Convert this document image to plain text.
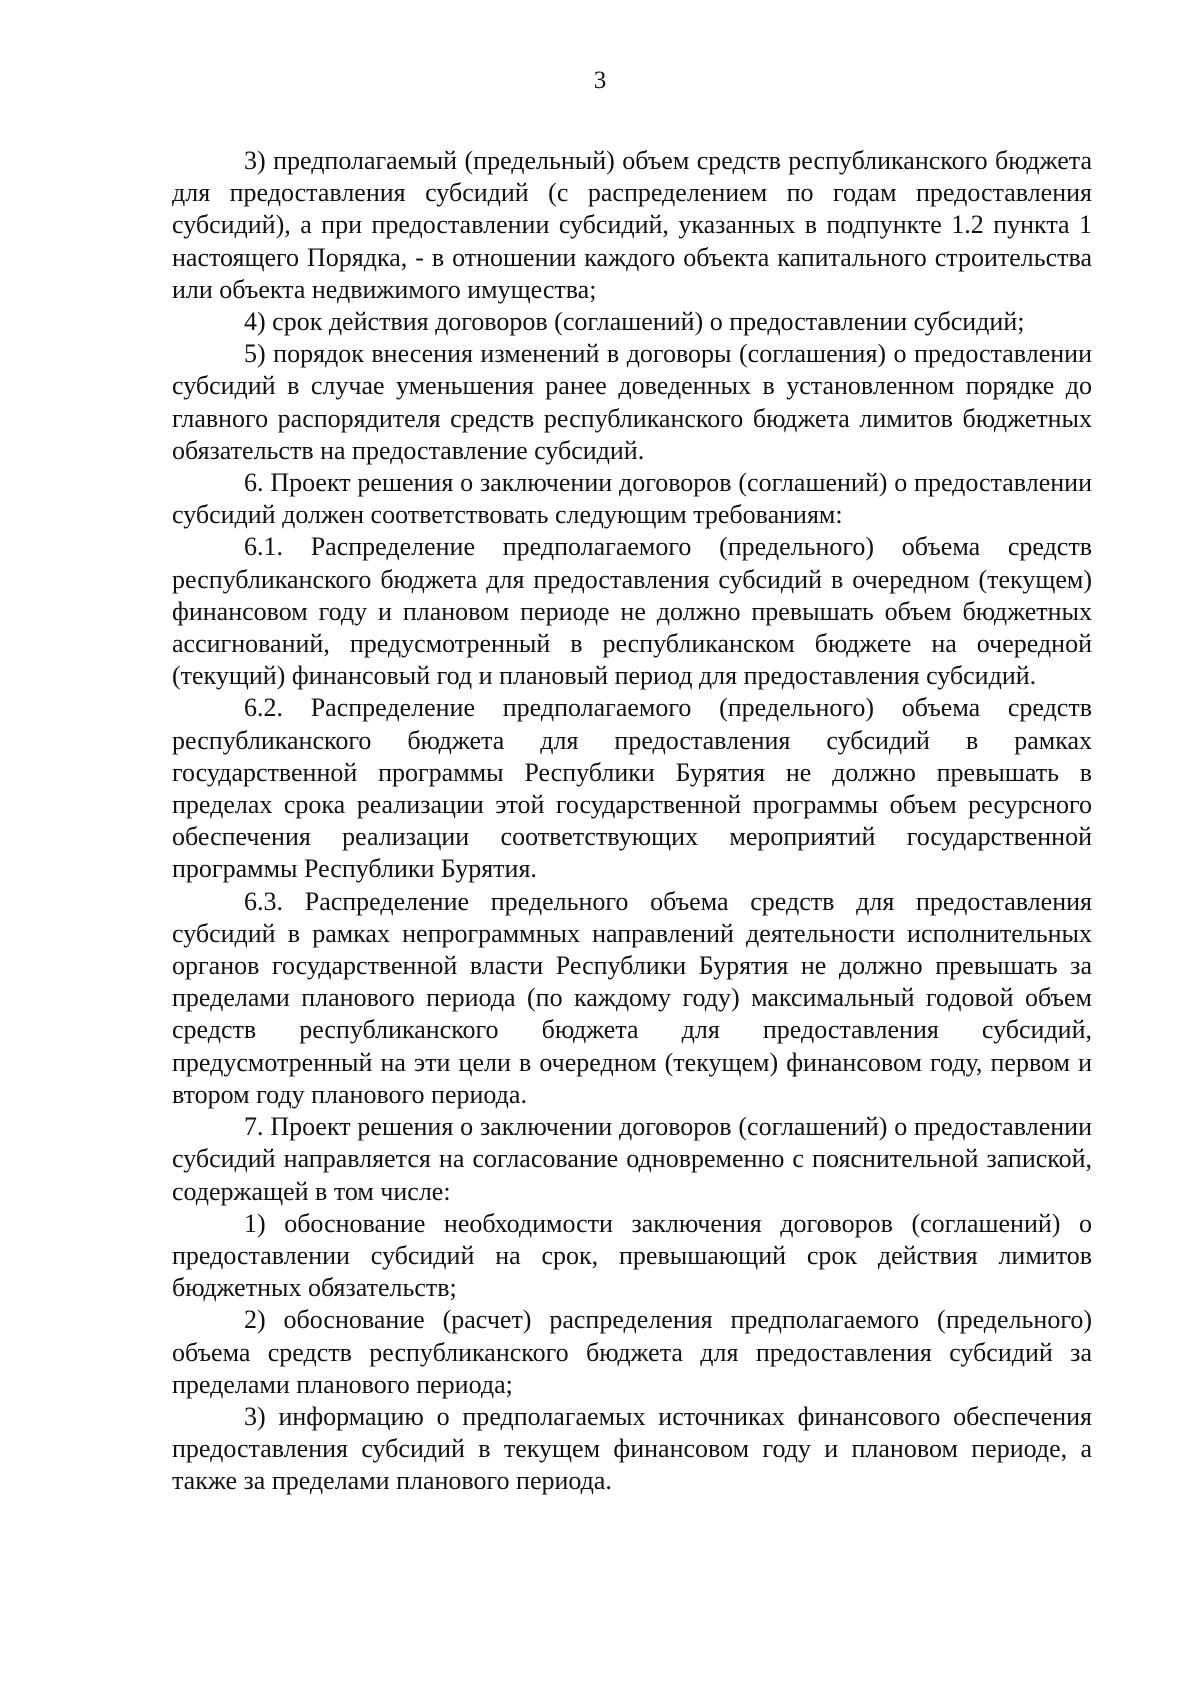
3

3) предполагаемый (предельный) объем средств республиканского бюджета для предоставления субсидий (с распределением по годам предоставления субсидий), а при предоставлении субсидий, указанных в подпункте 1.2 пункта 1 настоящего Порядка, - в отношении каждого объекта капитального строительства или объекта недвижимого имущества;

4) срок действия договоров (соглашений) о предоставлении субсидий;

5) порядок внесения изменений в договоры (соглашения) о предоставлении субсидий в случае уменьшения ранее доведенных в установленном порядке до главного распорядителя средств республиканского бюджета лимитов бюджетных обязательств на предоставление субсидий.

6. Проект решения о заключении договоров (соглашений) о предоставлении субсидий должен соответствовать следующим требованиям:

6.1. Распределение предполагаемого (предельного) объема средств республиканского бюджета для предоставления субсидий в очередном (текущем) финансовом году и плановом периоде не должно превышать объем бюджетных ассигнований, предусмотренный в республиканском бюджете на очередной (текущий) финансовый год и плановый период для предоставления субсидий.

6.2. Распределение предполагаемого (предельного) объема средств республиканского бюджета для предоставления субсидий в рамках государственной программы Республики Бурятия не должно превышать в пределах срока реализации этой государственной программы объем ресурсного обеспечения реализации соответствующих мероприятий государственной программы Республики Бурятия.

6.3. Распределение предельного объема средств для предоставления субсидий в рамках непрограммных направлений деятельности исполнительных органов государственной власти Республики Бурятия не должно превышать за пределами планового периода (по каждому году) максимальный годовой объем средств республиканского бюджета для предоставления субсидий, предусмотренный на эти цели в очередном (текущем) финансовом году, первом и втором году планового периода.

7. Проект решения о заключении договоров (соглашений) о предоставлении субсидий направляется на согласование одновременно с пояснительной запиской, содержащей в том числе:

1) обоснование необходимости заключения договоров (соглашений) о предоставлении субсидий на срок, превышающий срок действия лимитов бюджетных обязательств;

2) обоснование (расчет) распределения предполагаемого (предельного) объема средств республиканского бюджета для предоставления субсидий за пределами планового периода;

3) информацию о предполагаемых источниках финансового обеспечения предоставления субсидий в текущем финансовом году и плановом периоде, а также за пределами планового периода.
